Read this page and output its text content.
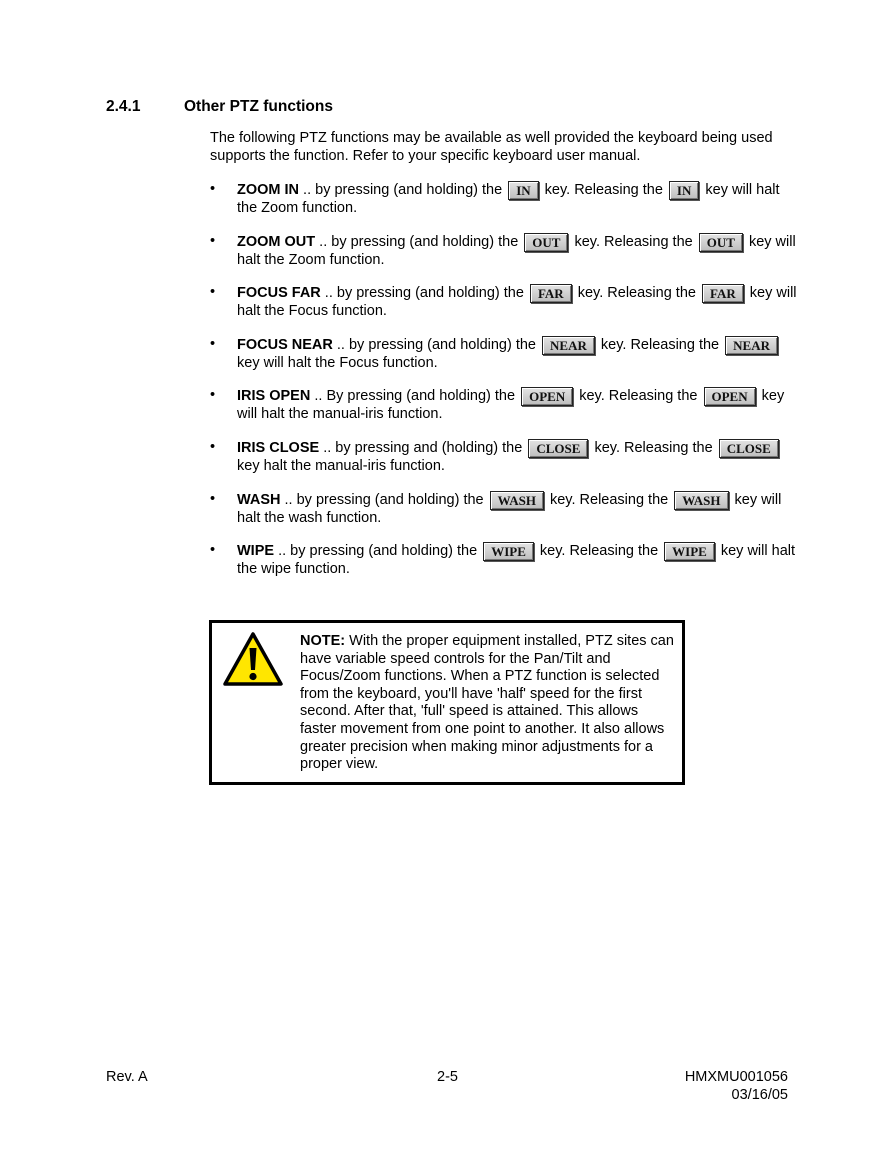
2.4.1	Other PTZ functions

The following PTZ functions may be available as well provided the keyboard being used supports the function. Refer to your specific keyboard user manual.

• ZOOM IN .. by pressing (and holding) the IN key. Releasing the IN key will halt the Zoom function.
• ZOOM OUT .. by pressing (and holding) the OUT key. Releasing the OUT key will halt the Zoom function.
• FOCUS FAR .. by pressing (and holding) the FAR key. Releasing the FAR key will halt the Focus function.
• FOCUS NEAR .. by pressing (and holding) the NEAR key. Releasing the NEAR key will halt the Focus function.
• IRIS OPEN .. By pressing (and holding) the OPEN key. Releasing the OPEN key will halt the manual-iris function.
• IRIS CLOSE .. by pressing and (holding) the CLOSE key. Releasing the CLOSE key halt the manual-iris function.
• WASH .. by pressing (and holding) the WASH key. Releasing the WASH key will halt the wash function.
• WIPE .. by pressing (and holding) the WIPE key. Releasing the WIPE key will halt the wipe function.

NOTE: With the proper equipment installed, PTZ sites can have variable speed controls for the Pan/Tilt and Focus/Zoom functions. When a PTZ function is selected from the keyboard, you'll have 'half' speed for the first second. After that, 'full' speed is attained. This allows faster movement from one point to another. It also allows greater precision when making minor adjustments for a proper view.

Rev. A	2-5	HMXMU001056
03/16/05
